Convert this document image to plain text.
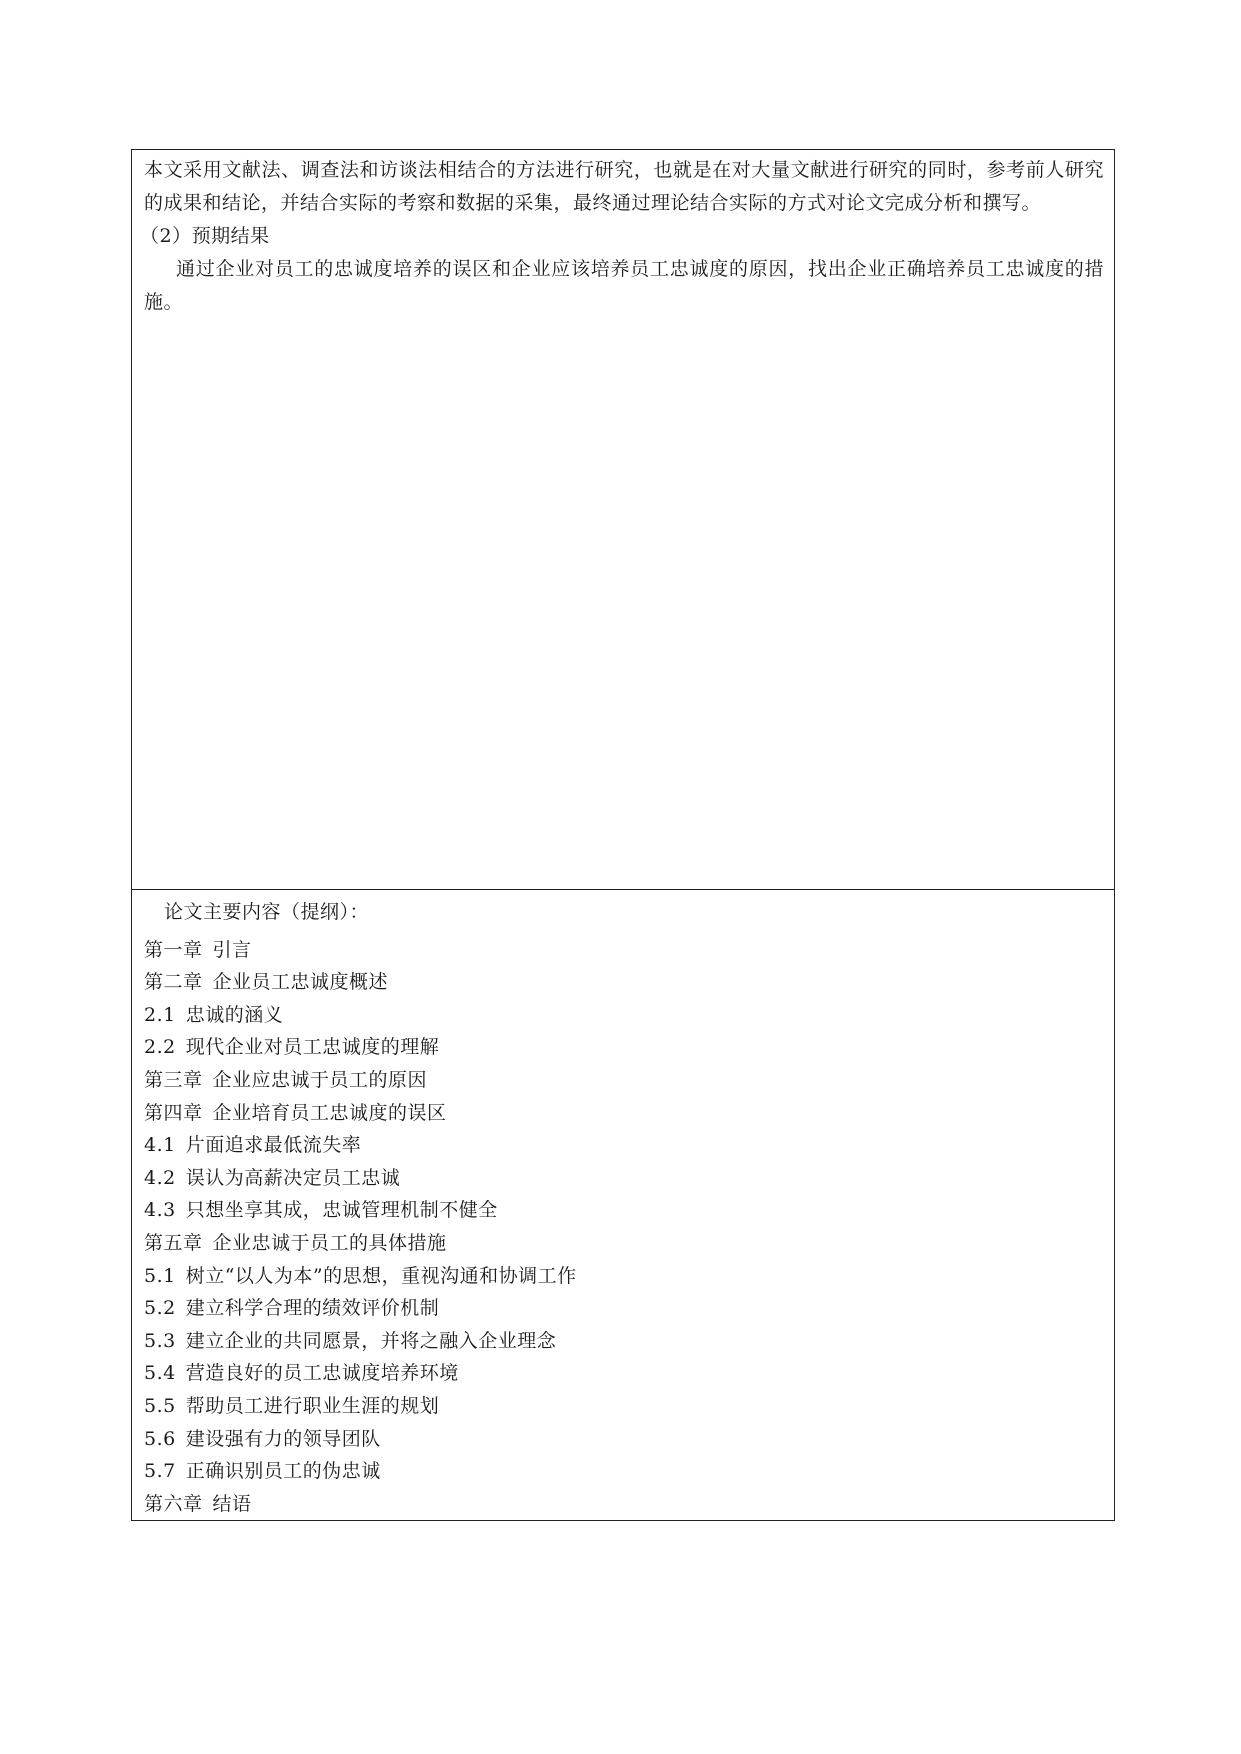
本文采用文献法、调查法和访谈法相结合的方法进行研究，也就是在对大量文献进行研究的同时，参考前人研究的成果和结论，并结合实际的考察和数据的采集，最终通过理论结合实际的方式对论文完成分析和撰写。

（2）预期结果

通过企业对员工的忠诚度培养的误区和企业应该培养员工忠诚度的原因，找出企业正确培养员工忠诚度的措施。

论文主要内容（提纲）：
第一章 引言
第二章 企业员工忠诚度概述
2.1 忠诚的涵义
2.2 现代企业对员工忠诚度的理解
第三章 企业应忠诚于员工的原因
第四章 企业培育员工忠诚度的误区
4.1 片面追求最低流失率
4.2 误认为高薪决定员工忠诚
4.3 只想坐享其成，忠诚管理机制不健全
第五章 企业忠诚于员工的具体措施
5.1 树立“以人为本”的思想，重视沟通和协调工作
5.2 建立科学合理的绩效评价机制
5.3 建立企业的共同愿景，并将之融入企业理念
5.4 营造良好的员工忠诚度培养环境
5.5 帮助员工进行职业生涯的规划
5.6 建设强有力的领导团队
5.7 正确识别员工的伪忠诚
第六章 结语
